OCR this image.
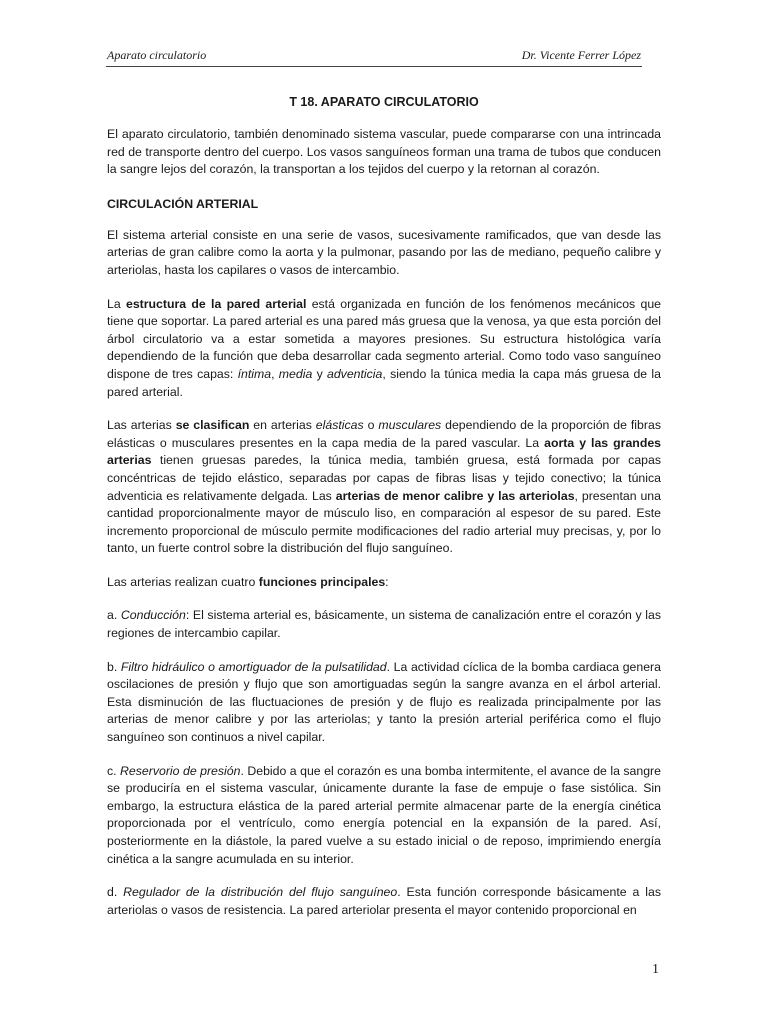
Aparato circulatorio	Dr. Vicente Ferrer López
T 18. APARATO CIRCULATORIO

El aparato circulatorio, también denominado sistema vascular, puede compararse con una intrincada red de transporte dentro del cuerpo. Los vasos sanguíneos forman una trama de tubos que conducen la sangre lejos del corazón, la transportan a los tejidos del cuerpo y la retornan al corazón.

CIRCULACIÓN ARTERIAL

El sistema arterial consiste en una serie de vasos, sucesivamente ramificados, que van desde las arterias de gran calibre como la aorta y la pulmonar, pasando por las de mediano, pequeño calibre y arteriolas, hasta los capilares o vasos de intercambio.

La estructura de la pared arterial está organizada en función de los fenómenos mecánicos que tiene que soportar. La pared arterial es una pared más gruesa que la venosa, ya que esta porción del árbol circulatorio va a estar sometida a mayores presiones. Su estructura histológica varía dependiendo de la función que deba desarrollar cada segmento arterial. Como todo vaso sanguíneo dispone de tres capas: íntima, media y adventicia, siendo la túnica media la capa más gruesa de la pared arterial.

Las arterias se clasifican en arterias elásticas o musculares dependiendo de la proporción de fibras elásticas o musculares presentes en la capa media de la pared vascular. La aorta y las grandes arterias tienen gruesas paredes, la túnica media, también gruesa, está formada por capas concéntricas de tejido elástico, separadas por capas de fibras lisas y tejido conectivo; la túnica adventicia es relativamente delgada. Las arterias de menor calibre y las arteriolas, presentan una cantidad proporcionalmente mayor de músculo liso, en comparación al espesor de su pared. Este incremento proporcional de músculo permite modificaciones del radio arterial muy precisas, y, por lo tanto, un fuerte control sobre la distribución del flujo sanguíneo.

Las arterias realizan cuatro funciones principales:

a. Conducción: El sistema arterial es, básicamente, un sistema de canalización entre el corazón y las regiones de intercambio capilar.

b. Filtro hidráulico o amortiguador de la pulsatilidad. La actividad cíclica de la bomba cardiaca genera oscilaciones de presión y flujo que son amortiguadas según la sangre avanza en el árbol arterial. Esta disminución de las fluctuaciones de presión y de flujo es realizada principalmente por las arterias de menor calibre y por las arteriolas; y tanto la presión arterial periférica como el flujo sanguíneo son continuos a nivel capilar.

c. Reservorio de presión. Debido a que el corazón es una bomba intermitente, el avance de la sangre se produciría en el sistema vascular, únicamente durante la fase de empuje o fase sistólica. Sin embargo, la estructura elástica de la pared arterial permite almacenar parte de la energía cinética proporcionada por el ventrículo, como energía potencial en la expansión de la pared. Así, posteriormente en la diástole, la pared vuelve a su estado inicial o de reposo, imprimiendo energía cinética a la sangre acumulada en su interior.

d. Regulador de la distribución del flujo sanguíneo. Esta función corresponde básicamente a las arteriolas o vasos de resistencia. La pared arteriolar presenta el mayor contenido proporcional en

1
